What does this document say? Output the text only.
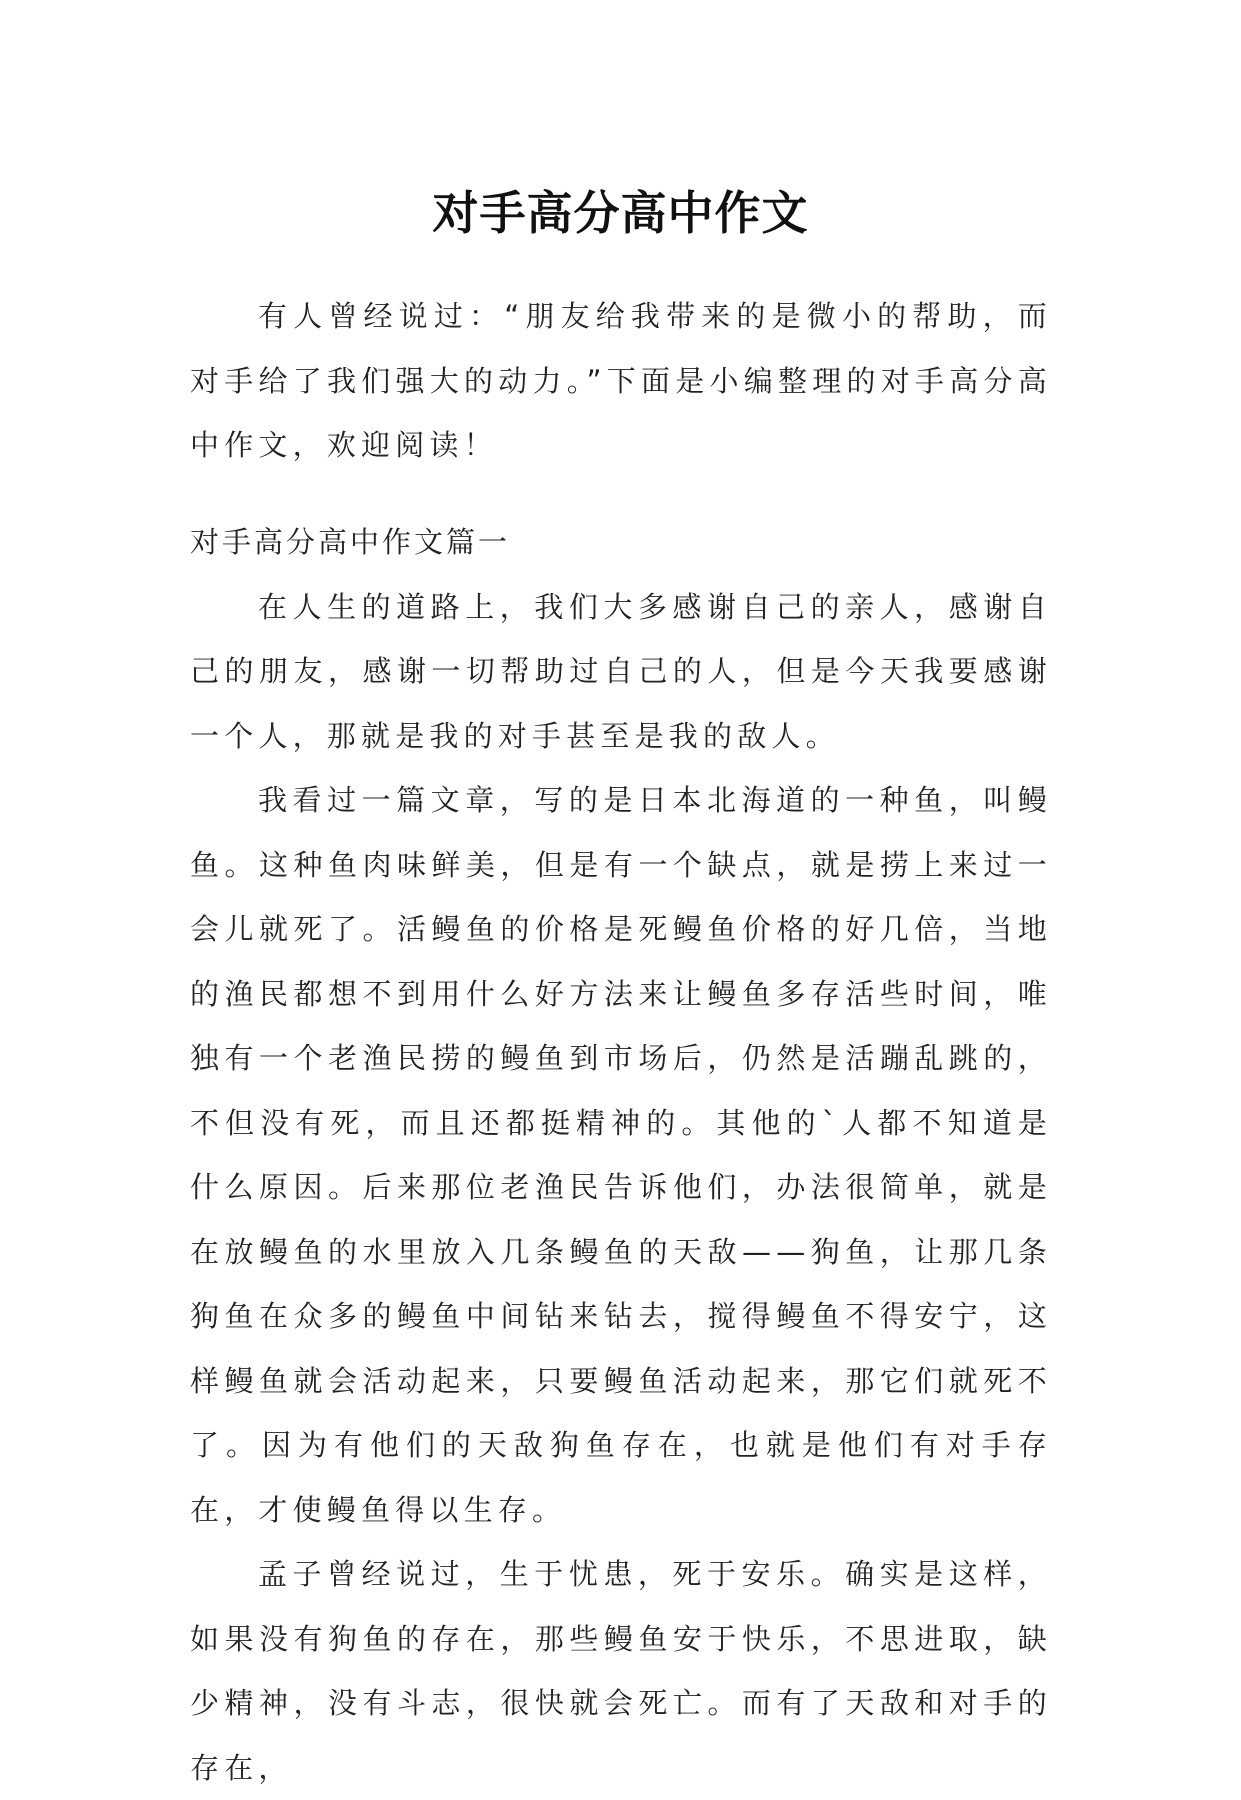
对手高分高中作文

有人曾经说过：“朋友给我带来的是微小的帮助，而对手给了我们强大的动力。”下面是小编整理的对手高分高中作文，欢迎阅读！

对手高分高中作文篇一

在人生的道路上，我们大多感谢自己的亲人，感谢自己的朋友，感谢一切帮助过自己的人，但是今天我要感谢一个人，那就是我的对手甚至是我的敌人。

我看过一篇文章，写的是日本北海道的一种鱼，叫鳗鱼。这种鱼肉味鲜美，但是有一个缺点，就是捞上来过一会儿就死了。活鳗鱼的价格是死鳗鱼价格的好几倍，当地的渔民都想不到用什么好方法来让鳗鱼多存活些时间，唯独有一个老渔民捞的鳗鱼到市场后，仍然是活蹦乱跳的，不但没有死，而且还都挺精神的。其他的`人都不知道是什么原因。后来那位老渔民告诉他们，办法很简单，就是在放鳗鱼的水里放入几条鳗鱼的天敌——狗鱼，让那几条狗鱼在众多的鳗鱼中间钻来钻去，搅得鳗鱼不得安宁，这样鳗鱼就会活动起来，只要鳗鱼活动起来，那它们就死不了。因为有他们的天敌狗鱼存在，也就是他们有对手存在，才使鳗鱼得以生存。

孟子曾经说过，生于忧患，死于安乐。确实是这样，如果没有狗鱼的存在，那些鳗鱼安于快乐，不思进取，缺少精神，没有斗志，很快就会死亡。而有了天敌和对手的存在，
